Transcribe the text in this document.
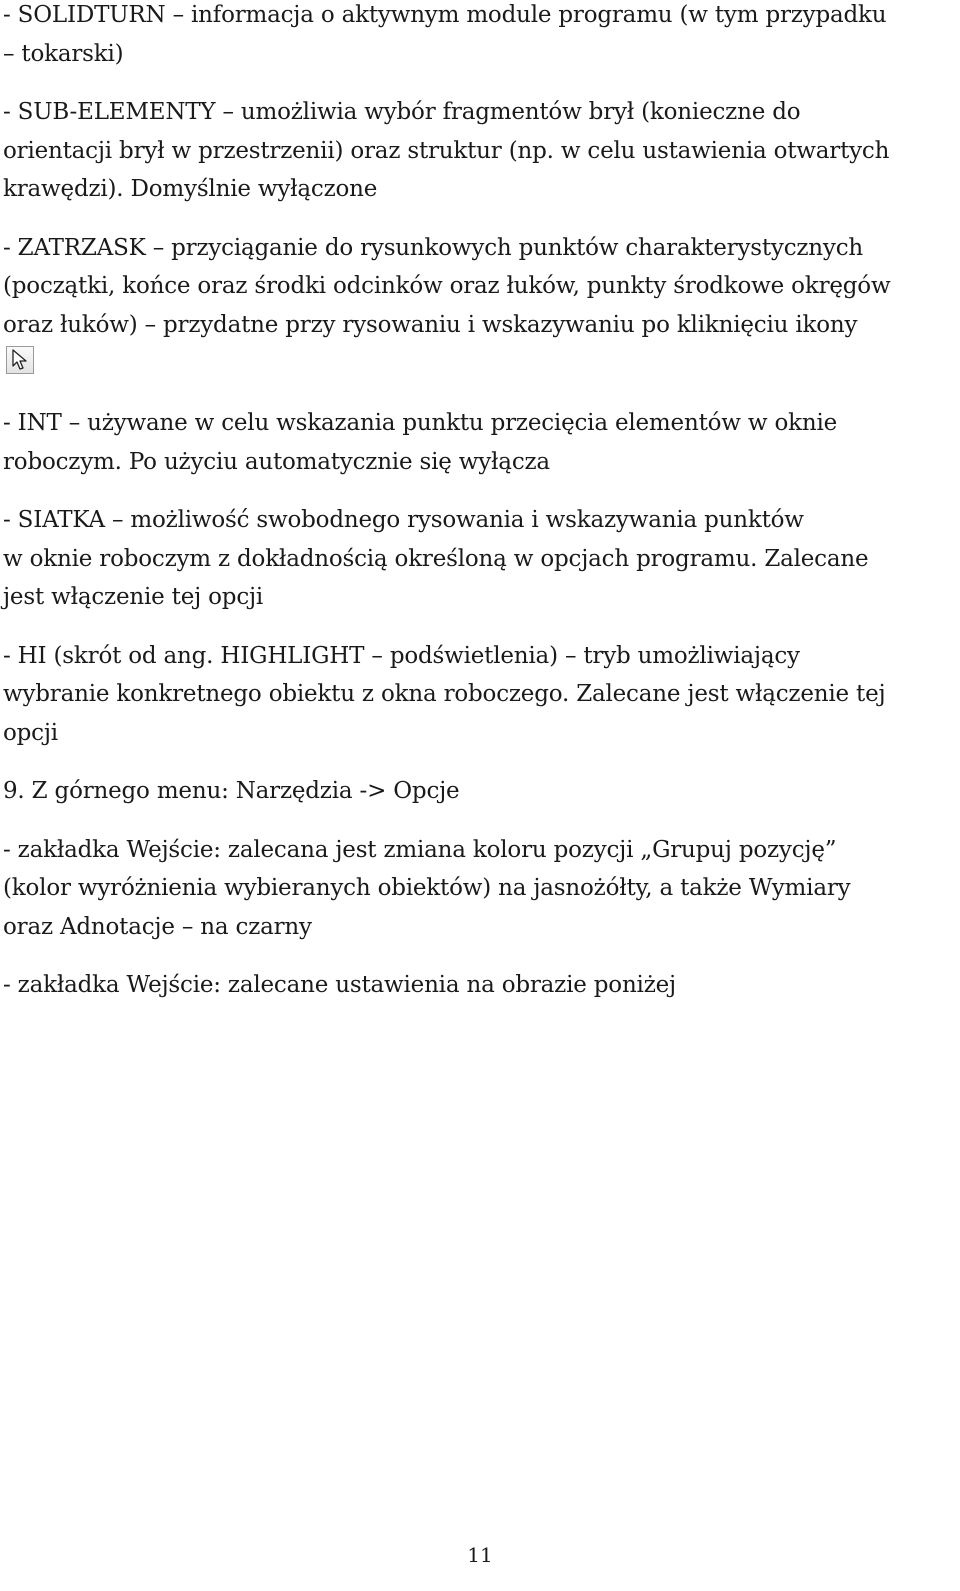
- SOLIDTURN – informacja o aktywnym module programu (w tym przypadku
– tokarski)

- SUB-ELEMENTY – umożliwia wybór fragmentów brył (konieczne do
orientacji brył w przestrzenii) oraz struktur (np. w celu ustawienia otwartych
krawędzi). Domyślnie wyłączone

- ZATRZASK – przyciąganie do rysunkowych punktów charakterystycznych
(początki, końce oraz środki odcinków oraz łuków, punkty środkowe okręgów
oraz łuków) – przydatne przy rysowaniu i wskazywaniu po kliknięciu ikony

- INT – używane w celu wskazania punktu przecięcia elementów w oknie
roboczym. Po użyciu automatycznie się wyłącza

- SIATKA – możliwość swobodnego rysowania i wskazywania punktów
w oknie roboczym z dokładnością określoną w opcjach programu. Zalecane
jest włączenie tej opcji

- HI (skrót od ang. HIGHLIGHT – podświetlenia) – tryb umożliwiający
wybranie konkretnego obiektu z okna roboczego. Zalecane jest włączenie tej
opcji

9. Z górnego menu: Narzędzia -> Opcje

- zakładka Wejście: zalecana jest zmiana koloru pozycji „Grupuj pozycję”
(kolor wyróżnienia wybieranych obiektów) na jasnożółty, a także Wymiary
oraz Adnotacje – na czarny

- zakładka Wejście: zalecane ustawienia na obrazie poniżej

11
